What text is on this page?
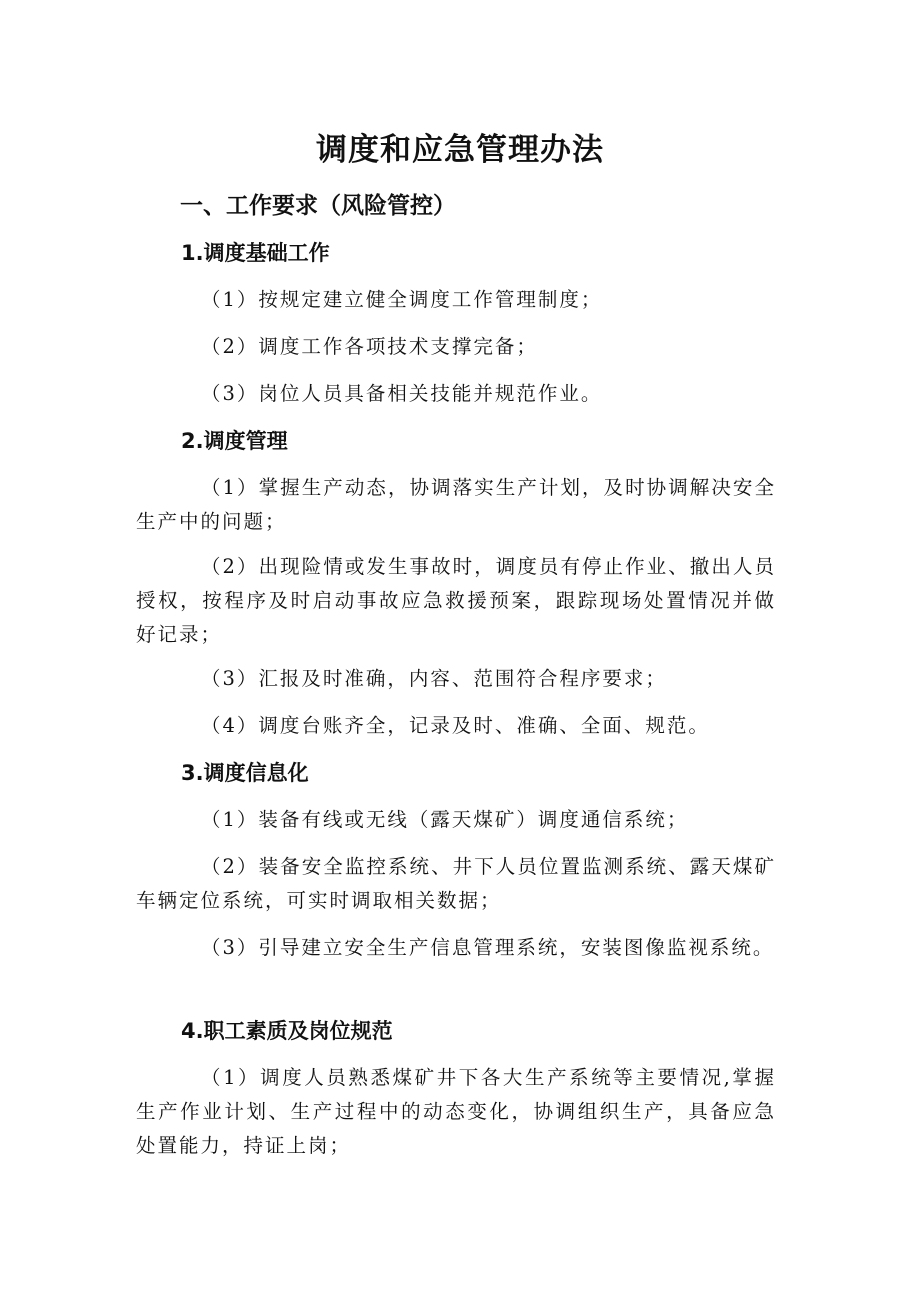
调度和应急管理办法
一、工作要求（风险管控）
1.调度基础工作

（1）按规定建立健全调度工作管理制度；

（2）调度工作各项技术支撑完备；

（3）岗位人员具备相关技能并规范作业。

2.调度管理

（1）掌握生产动态，协调落实生产计划，及时协调解决安全生产中的问题；

（2）出现险情或发生事故时，调度员有停止作业、撤出人员授权，按程序及时启动事故应急救援预案，跟踪现场处置情况并做好记录；

（3）汇报及时准确，内容、范围符合程序要求；

（4）调度台账齐全，记录及时、准确、全面、规范。

3.调度信息化

（1）装备有线或无线（露天煤矿）调度通信系统；

（2）装备安全监控系统、井下人员位置监测系统、露天煤矿车辆定位系统，可实时调取相关数据；

（3）引导建立安全生产信息管理系统，安装图像监视系统。

4.职工素质及岗位规范

（1）调度人员熟悉煤矿井下各大生产系统等主要情况,掌握生产作业计划、生产过程中的动态变化，协调组织生产，具备应急处置能力，持证上岗；
